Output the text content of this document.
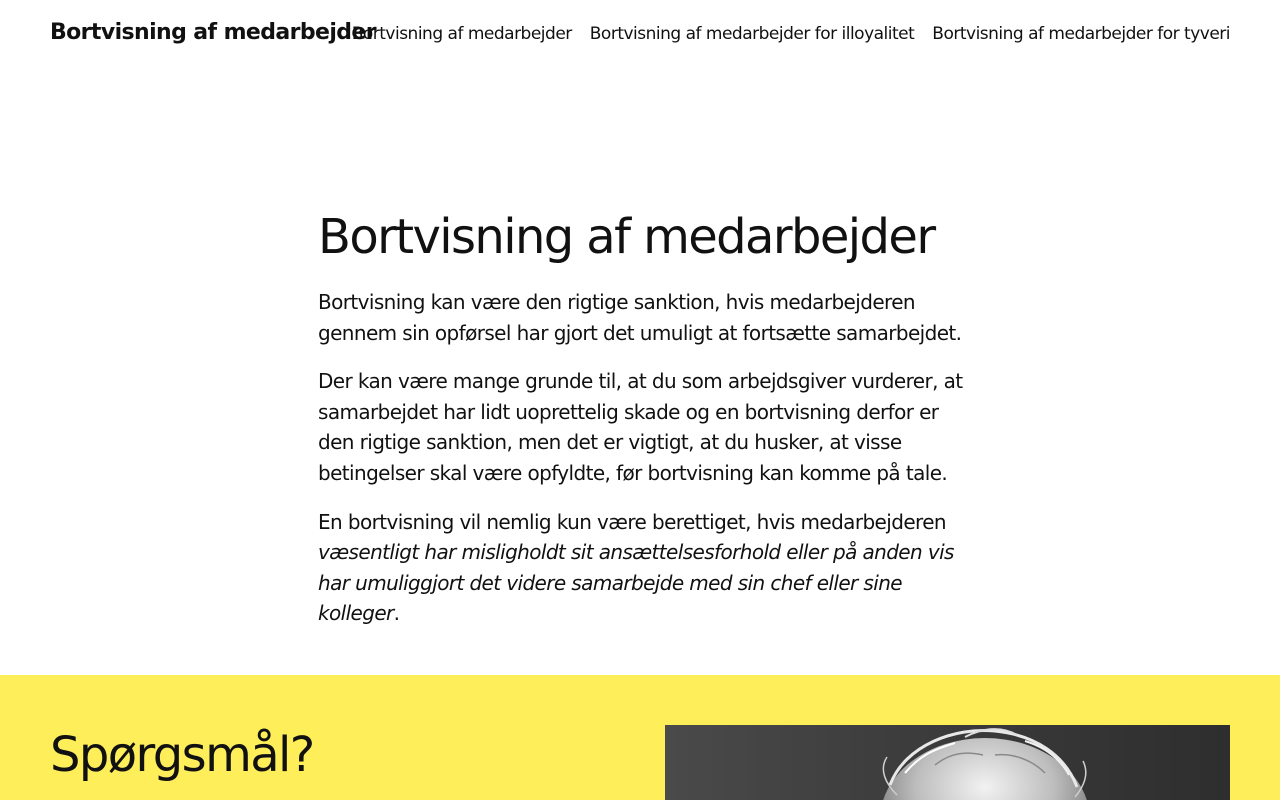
Bortvisning af medarbejder
Bortvisning af medarbejder Bortvisning af medarbejder for illoyalitet Bortvisning af medarbejder for tyveri
Bortvisning af medarbejder

Bortvisning kan være den rigtige sanktion, hvis medarbejderen gennem sin opførsel har gjort det umuligt at fortsætte samarbejdet.

Der kan være mange grunde til, at du som arbejdsgiver vurderer, at samarbejdet har lidt uoprettelig skade og en bortvisning derfor er den rigtige sanktion, men det er vigtigt, at du husker, at visse betingelser skal være opfyldte, før bortvisning kan komme på tale.

En bortvisning vil nemlig kun være berettiget, hvis medarbejderen væsentligt har misligholdt sit ansættelsesforhold eller på anden vis har umuliggjort det videre samarbejde med sin chef eller sine kolleger.

Spørgsmål?
